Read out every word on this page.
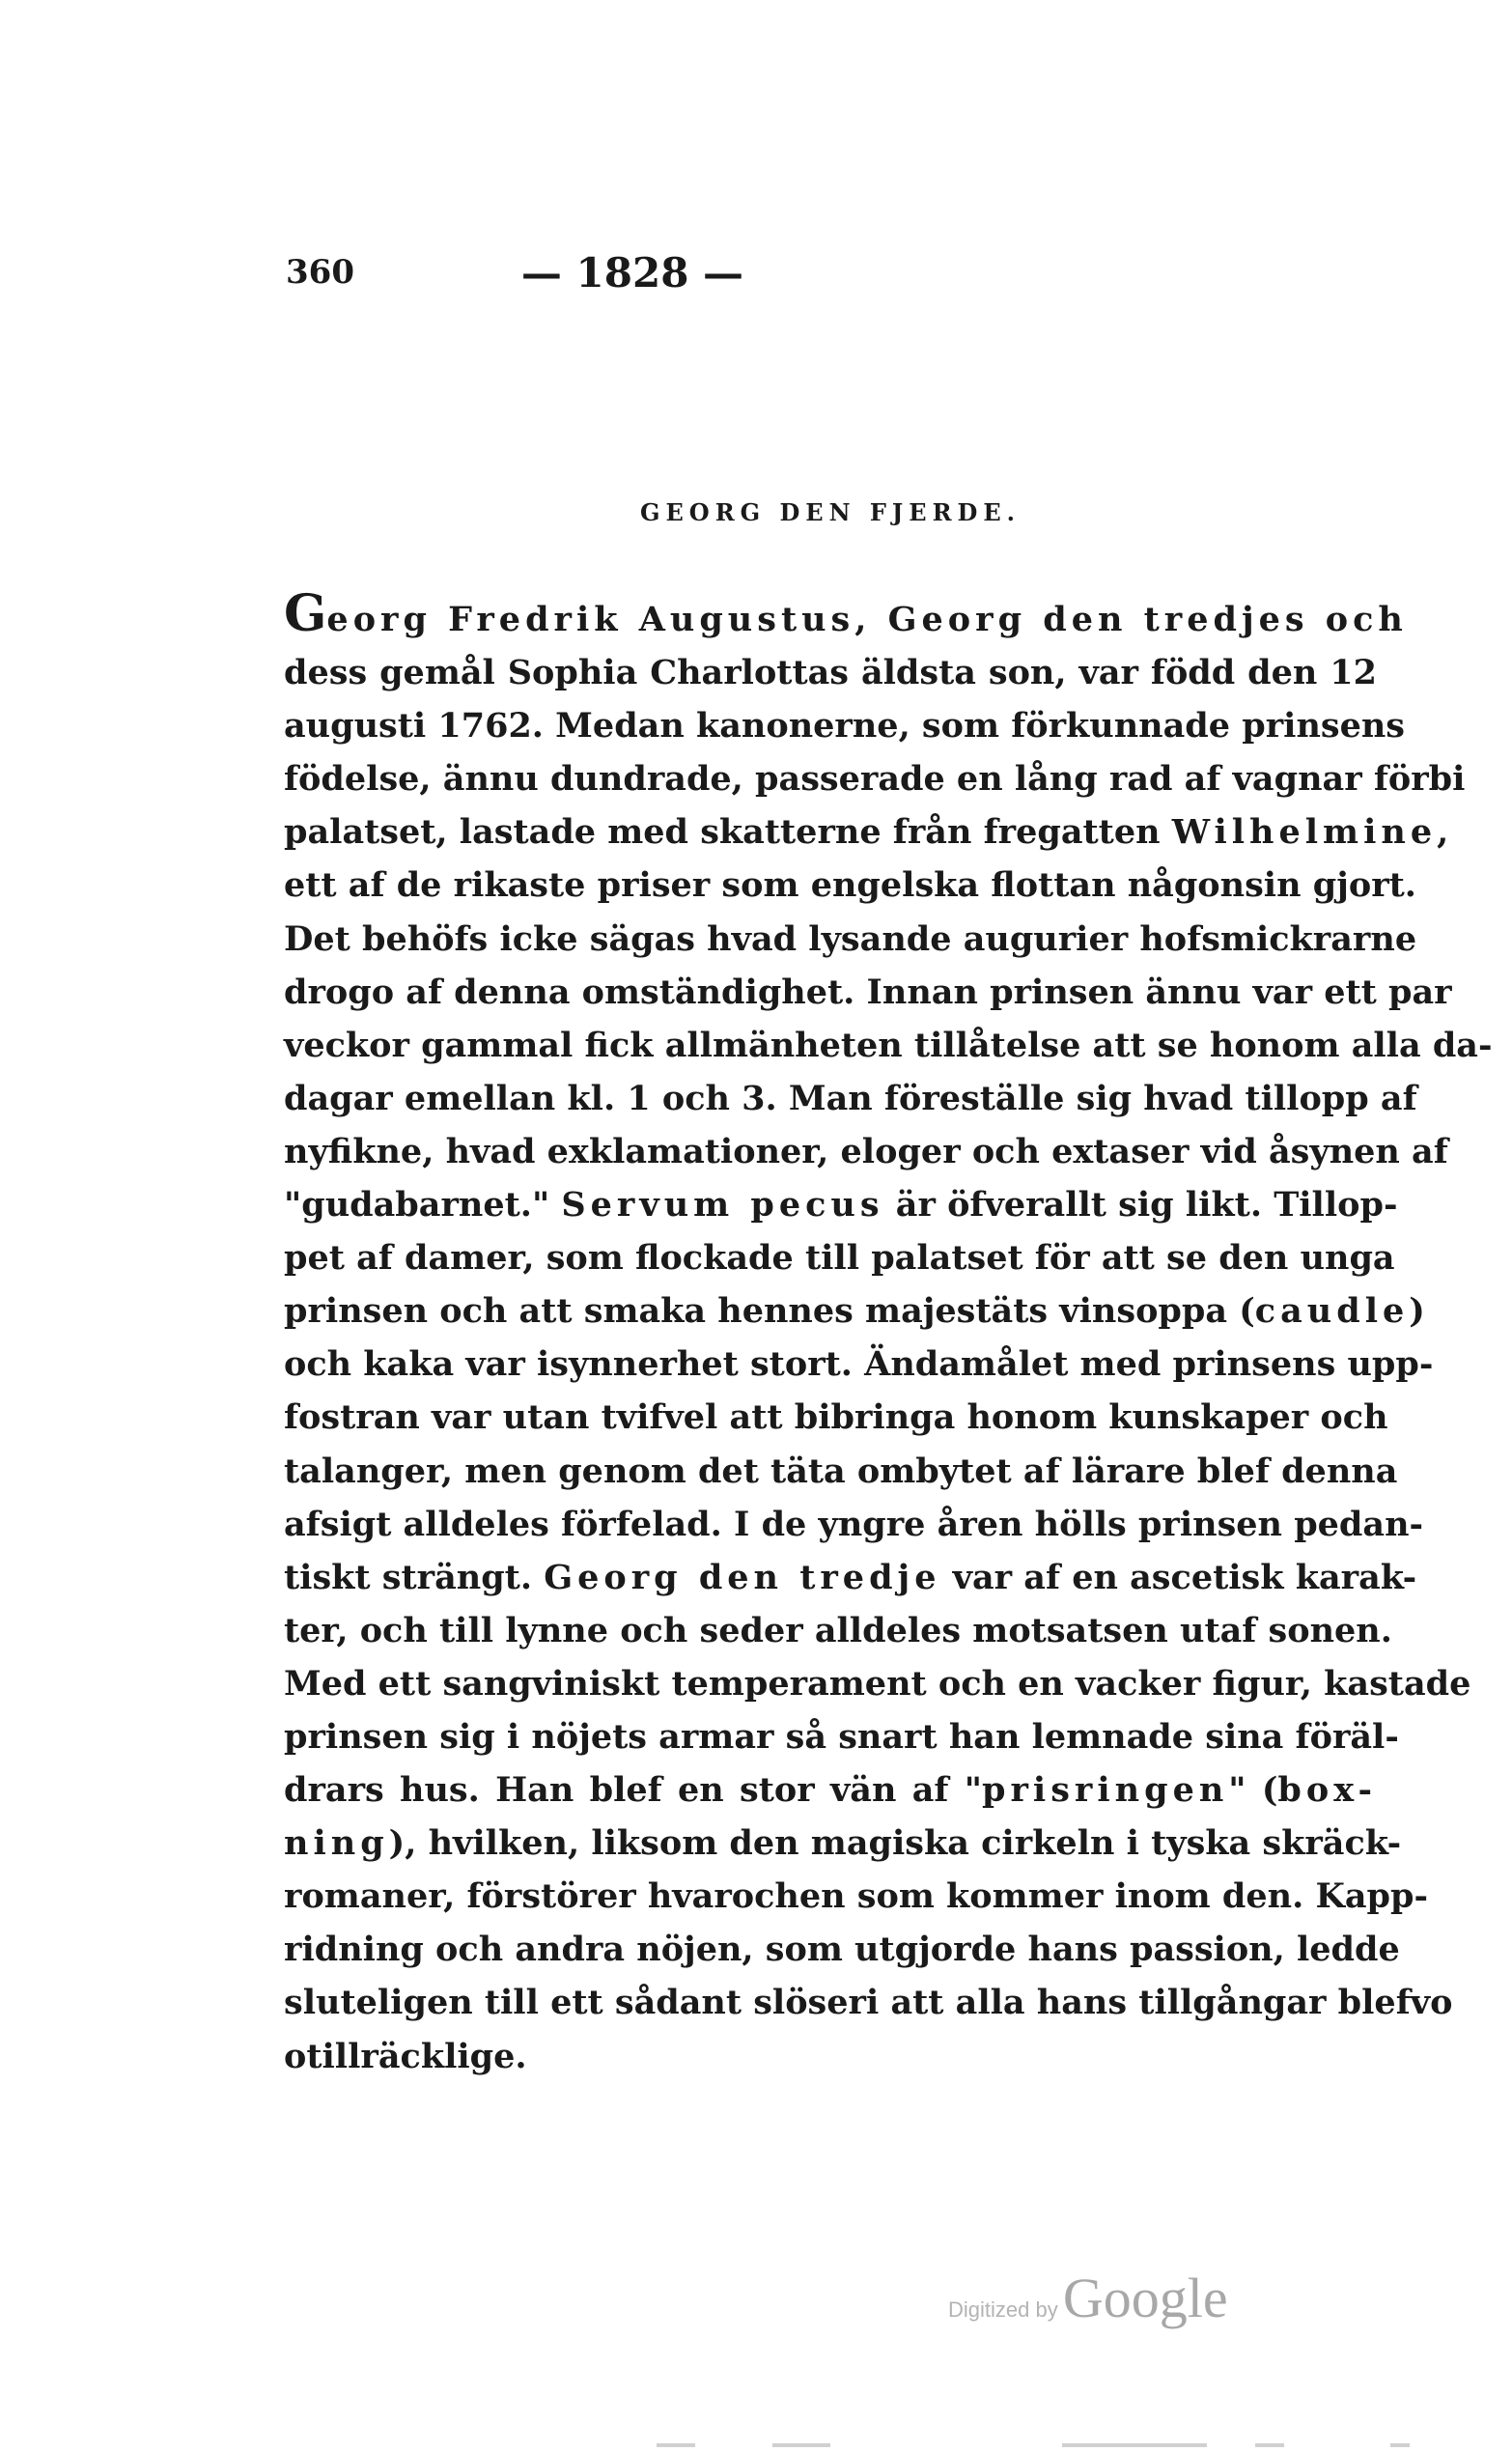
360	— 1828 —
GEORG DEN FJERDE.
Georg Fredrik Augustus, Georg den tredjes och
dess gemål Sophia Charlottas äldsta son, var född den 12
augusti 1762. Medan kanonerne, som förkunnade prinsens
födelse, ännu dundrade, passerade en lång rad af vagnar förbi
palatset, lastade med skatterne från fregatten Wilhelmine,
ett af de rikaste priser som engelska flottan någonsin gjort.
Det behöfs icke sägas hvad lysande augurier hofsmickrarne
drogo af denna omständighet. Innan prinsen ännu var ett par
veckor gammal fick allmänheten tillåtelse att se honom alla da-
dagar emellan kl. 1 och 3. Man föreställe sig hvad tillopp af
nyfikne, hvad exklamationer, eloger och extaser vid åsynen af
"gudabarnet." Servum pecus är öfverallt sig likt. Tillop-
pet af damer, som flockade till palatset för att se den unga
prinsen och att smaka hennes majestäts vinsoppa (caudle)
och kaka var isynnerhet stort. Ändamålet med prinsens upp-
fostran var utan tvifvel att bibringa honom kunskaper och
talanger, men genom det täta ombytet af lärare blef denna
afsigt alldeles förfelad. I de yngre åren hölls prinsen pedan-
tiskt strängt. Georg den tredje var af en ascetisk karak-
ter, och till lynne och seder alldeles motsatsen utaf sonen.
Med ett sangviniskt temperament och en vacker figur, kastade
prinsen sig i nöjets armar så snart han lemnade sina föräl-
drars hus. Han blef en stor vän af "prisringen" (box-
ning), hvilken, liksom den magiska cirkeln i tyska skräck-
romaner, förstörer hvarochen som kommer inom den. Kapp-
ridning och andra nöjen, som utgjorde hans passion, ledde
sluteligen till ett sådant slöseri att alla hans tillgångar blefvo
otillräcklige.
Digitized by Google
